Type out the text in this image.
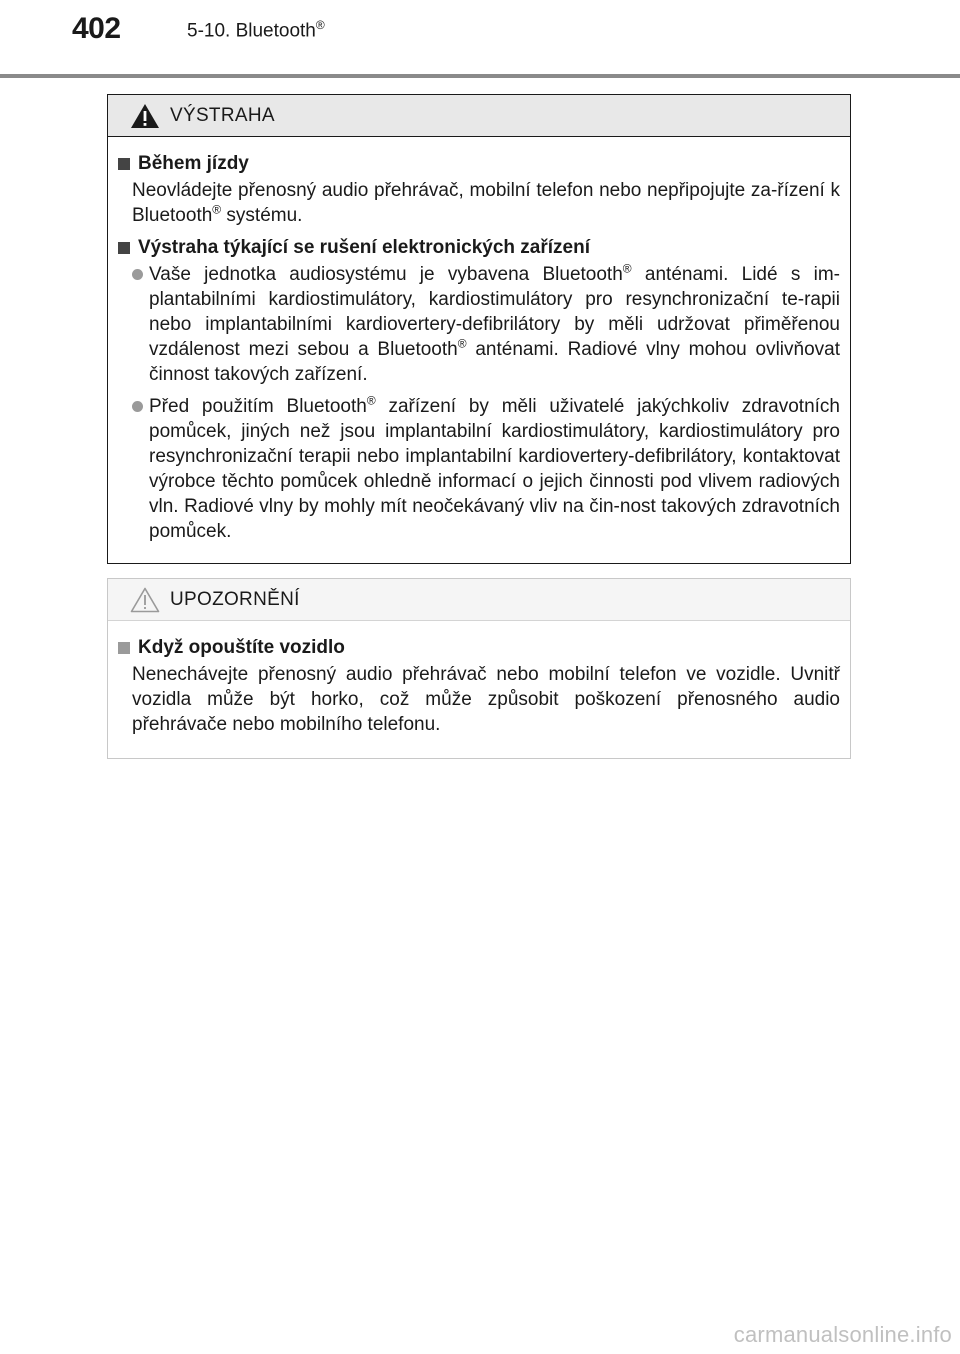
402	5-10. Bluetooth®
VÝSTRAHA
Během jízdy
Neovládejte přenosný audio přehrávač, mobilní telefon nebo nepřipojujte za-řízení k Bluetooth® systému.
Výstraha týkající se rušení elektronických zařízení
Vaše jednotka audiosystému je vybavena Bluetooth® anténami. Lidé s im-plantabilními kardiostimulátory, kardiostimulátory pro resynchronizační te-rapii nebo implantabilními kardiovertery-defibrilátory by měli udržovat přiměřenou vzdálenost mezi sebou a Bluetooth® anténami. Radiové vlny mohou ovlivňovat činnost takových zařízení.
Před použitím Bluetooth® zařízení by měli uživatelé jakýchkoliv zdravotních pomůcek, jiných než jsou implantabilní kardiostimulátory, kardiostimulátory pro resynchronizační terapii nebo implantabilní kardiovertery-defibrilátory, kontaktovat výrobce těchto pomůcek ohledně informací o jejich činnosti pod vlivem radiových vln. Radiové vlny by mohly mít neočekávaný vliv na čin-nost takových zdravotních pomůcek.
UPOZORNĚNÍ
Když opouštíte vozidlo
Nenechávejte přenosný audio přehrávač nebo mobilní telefon ve vozidle. Uvnitř vozidla může být horko, což může způsobit poškození přenosného audio přehrávače nebo mobilního telefonu.
carmanualsonline.info
